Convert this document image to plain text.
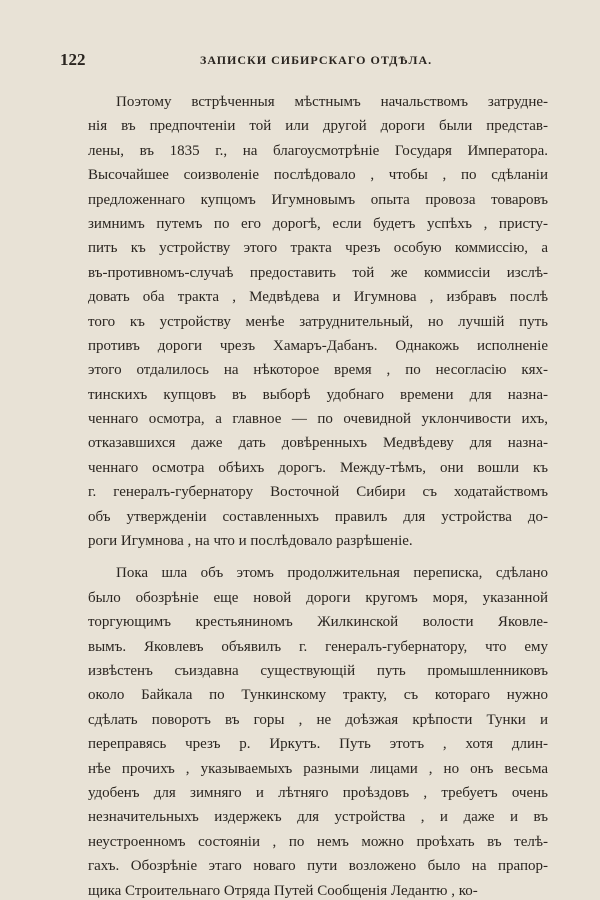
122	ЗАПИСКИ СИБИРСКАГО ОТДѢЛА.
Поэтому встрѣченныя мѣстнымъ начальствомъ затрудне-
нія въ предпочтеніи той или другой дороги были представ-
лены, въ 1835 г., на благоусмотрѣніе Государя Императора.
Высочайшее соизволеніе послѣдовало , чтобы , по сдѣланіи
предложеннаго купцомъ Игумновымъ опыта провоза товаровъ
зимнимъ путемъ по его дорогѣ, если будетъ успѣхъ , присту-
пить къ устройству этого тракта чрезъ особую коммиссію, а
въ-противномъ-случаѣ предоставить той же коммиссіи изслѣ-
довать оба тракта , Медвѣдева и Игумнова , избравъ послѣ
того къ устройству менѣе затруднительный, но лучшій путь
противъ дороги чрезъ Хамаръ-Дабанъ. Однакожь исполненіе
этого отдалилось на нѣкоторое время , по несогласію кях-
тинскихъ купцовъ въ выборѣ удобнаго времени для назна-
ченнаго осмотра, а главное — по очевидной уклончивости ихъ,
отказавшихся даже дать довѣренныхъ Медвѣдеву для назна-
ченнаго осмотра обѣихъ дорогъ. Между-тѣмъ, они вошли къ
г. генералъ-губернатору Восточной Сибири съ ходатайствомъ
объ утвержденіи составленныхъ правилъ для устройства до-
роги Игумнова , на что и послѣдовало разрѣшеніе.
Пока шла объ этомъ продолжительная переписка, сдѣлано
было обозрѣніе еще новой дороги кругомъ моря, указанной
торгующимъ крестьяниномъ Жилкинской волости Яковле-
вымъ. Яковлевъ объявилъ г. генералъ-губернатору, что ему
извѣстенъ съиздавна существующій путь промышленниковъ
около Байкала по Тункинскому тракту, съ котораго нужно
сдѣлать поворотъ въ горы , не доѣзжая крѣпости Тунки и
переправясь чрезъ р. Иркутъ. Путь этотъ , хотя длин-
нѣе прочихъ , указываемыхъ разными лицами , но онъ весьма
удобенъ для зимняго и лѣтняго проѣздовъ , требуетъ очень
незначительныхъ издержекъ для устройства , и даже и въ
неустроенномъ состояніи , по немъ можно проѣхать въ телѣ-
гахъ. Обозрѣніе этаго новаго пути возложено было на прапор-
щика Строительнаго Отряда Путей Сообщенія Ледантю , ко-
